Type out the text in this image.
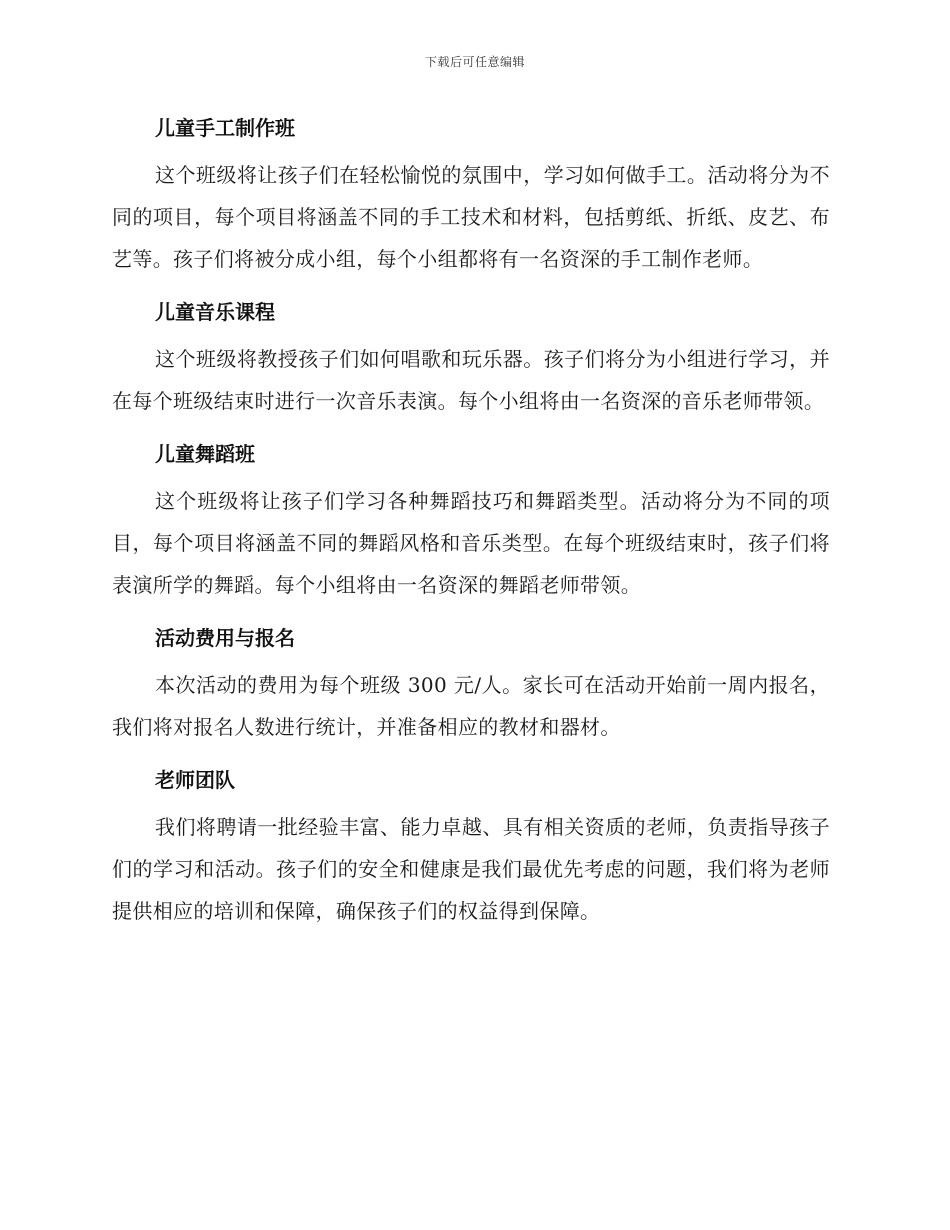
下载后可任意编辑
儿童手工制作班

这个班级将让孩子们在轻松愉悦的氛围中，学习如何做手工。活动将分为不同的项目，每个项目将涵盖不同的手工技术和材料，包括剪纸、折纸、皮艺、布艺等。孩子们将被分成小组，每个小组都将有一名资深的手工制作老师。

儿童音乐课程

这个班级将教授孩子们如何唱歌和玩乐器。孩子们将分为小组进行学习，并在每个班级结束时进行一次音乐表演。每个小组将由一名资深的音乐老师带领。

儿童舞蹈班

这个班级将让孩子们学习各种舞蹈技巧和舞蹈类型。活动将分为不同的项目，每个项目将涵盖不同的舞蹈风格和音乐类型。在每个班级结束时，孩子们将表演所学的舞蹈。每个小组将由一名资深的舞蹈老师带领。

活动费用与报名

本次活动的费用为每个班级 300 元/人。家长可在活动开始前一周内报名，我们将对报名人数进行统计，并准备相应的教材和器材。

老师团队

我们将聘请一批经验丰富、能力卓越、具有相关资质的老师，负责指导孩子们的学习和活动。孩子们的安全和健康是我们最优先考虑的问题，我们将为老师提供相应的培训和保障，确保孩子们的权益得到保障。
